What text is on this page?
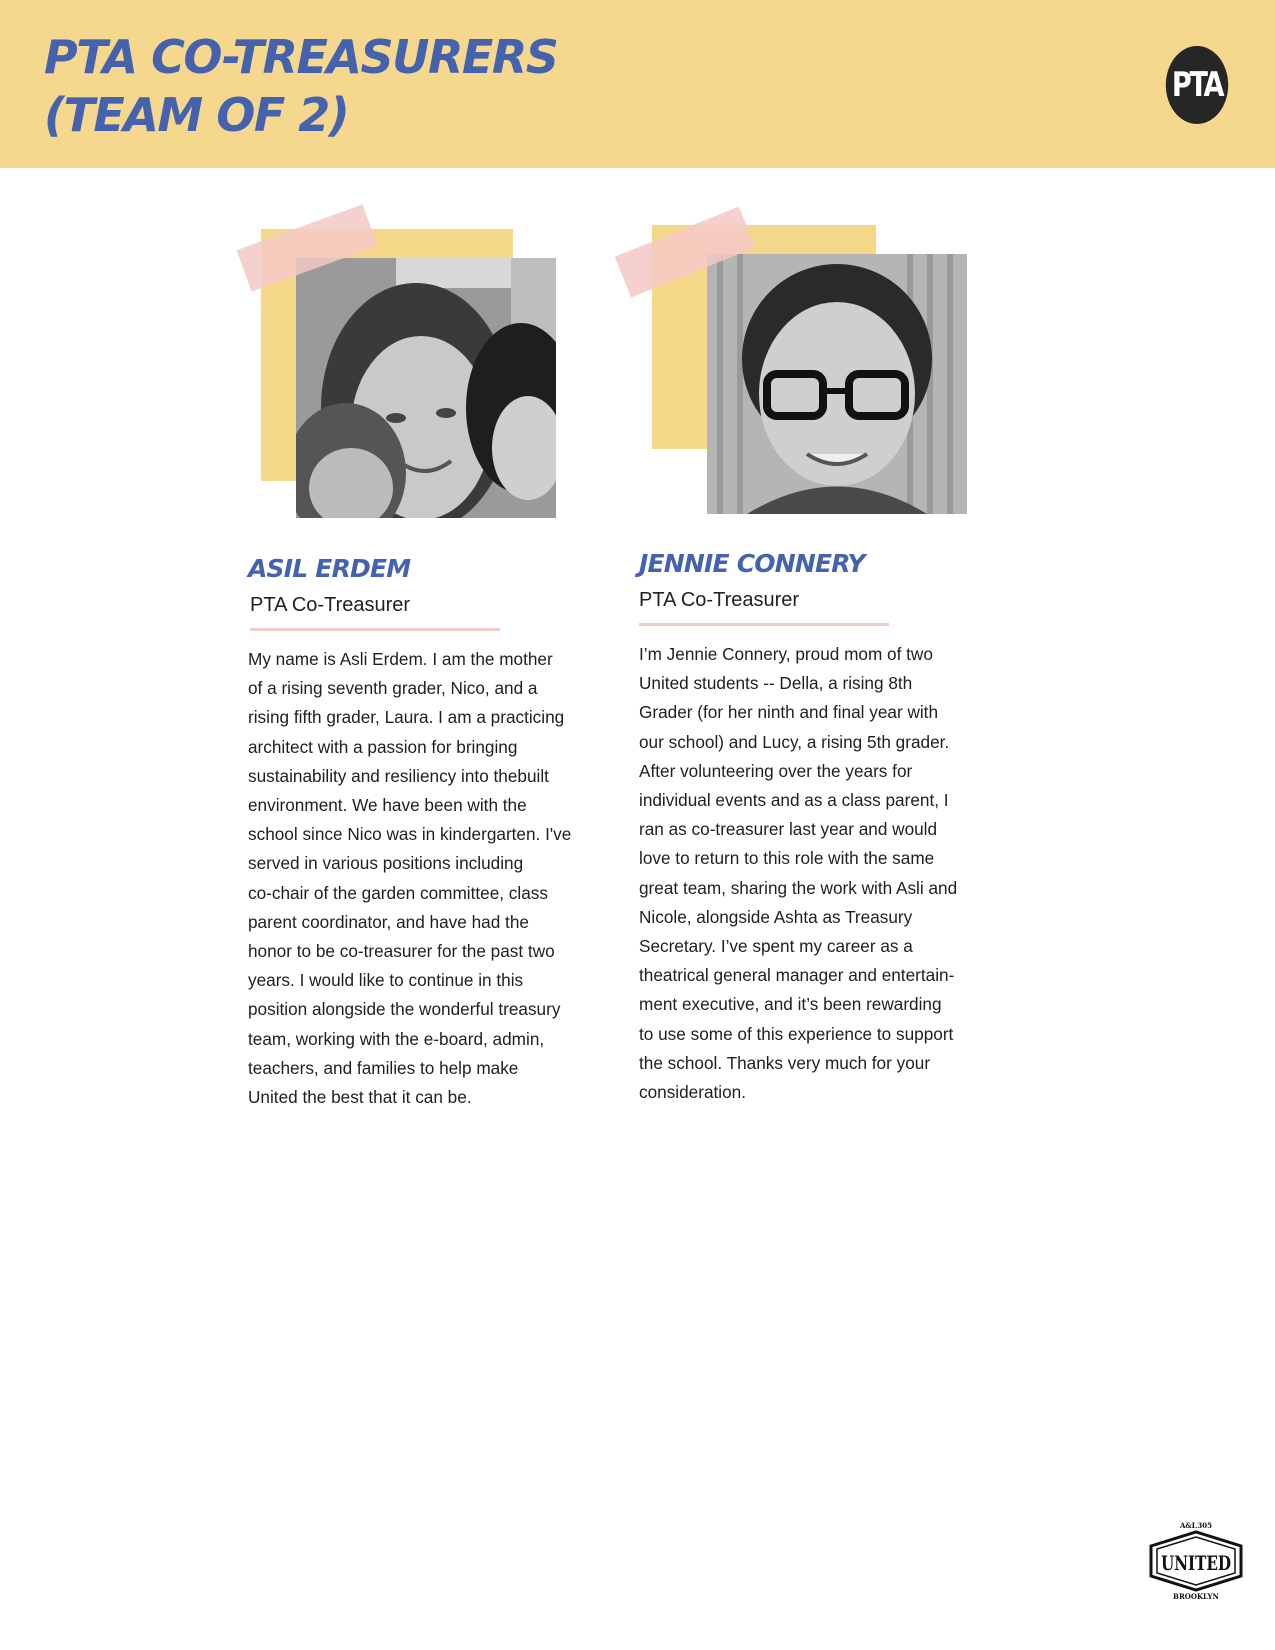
PTA CO-TREASURERS
(TEAM OF 2)
PTA
ASIL ERDEM

PTA Co-Treasurer

My name is Asli Erdem. I am the mother
of a rising seventh grader, Nico, and a
rising fifth grader, Laura. I am a practicing
architect with a passion for bringing
sustainability and resiliency into thebuilt
environment. We have been with the
school since Nico was in kindergarten. I've
served in various positions including
co-chair of the garden committee, class
parent coordinator, and have had the
honor to be co-treasurer for the past two
years. I would like to continue in this
position alongside the wonderful treasury
team, working with the e-board, admin,
teachers, and families to help make
United the best that it can be.

JENNIE CONNERY

PTA Co-Treasurer

I’m Jennie Connery, proud mom of two
United students -- Della, a rising 8th
Grader (for her ninth and final year with
our school) and Lucy, a rising 5th grader.
After volunteering over the years for
individual events and as a class parent, I
ran as co-treasurer last year and would
love to return to this role with the same
great team, sharing the work with Asli and
Nicole, alongside Ashta as Treasury
Secretary. I’ve spent my career as a
theatrical general manager and entertain-
ment executive, and it’s been rewarding
to use some of this experience to support
the school. Thanks very much for your
consideration.

A&I.305
UNITED
BROOKLYN
